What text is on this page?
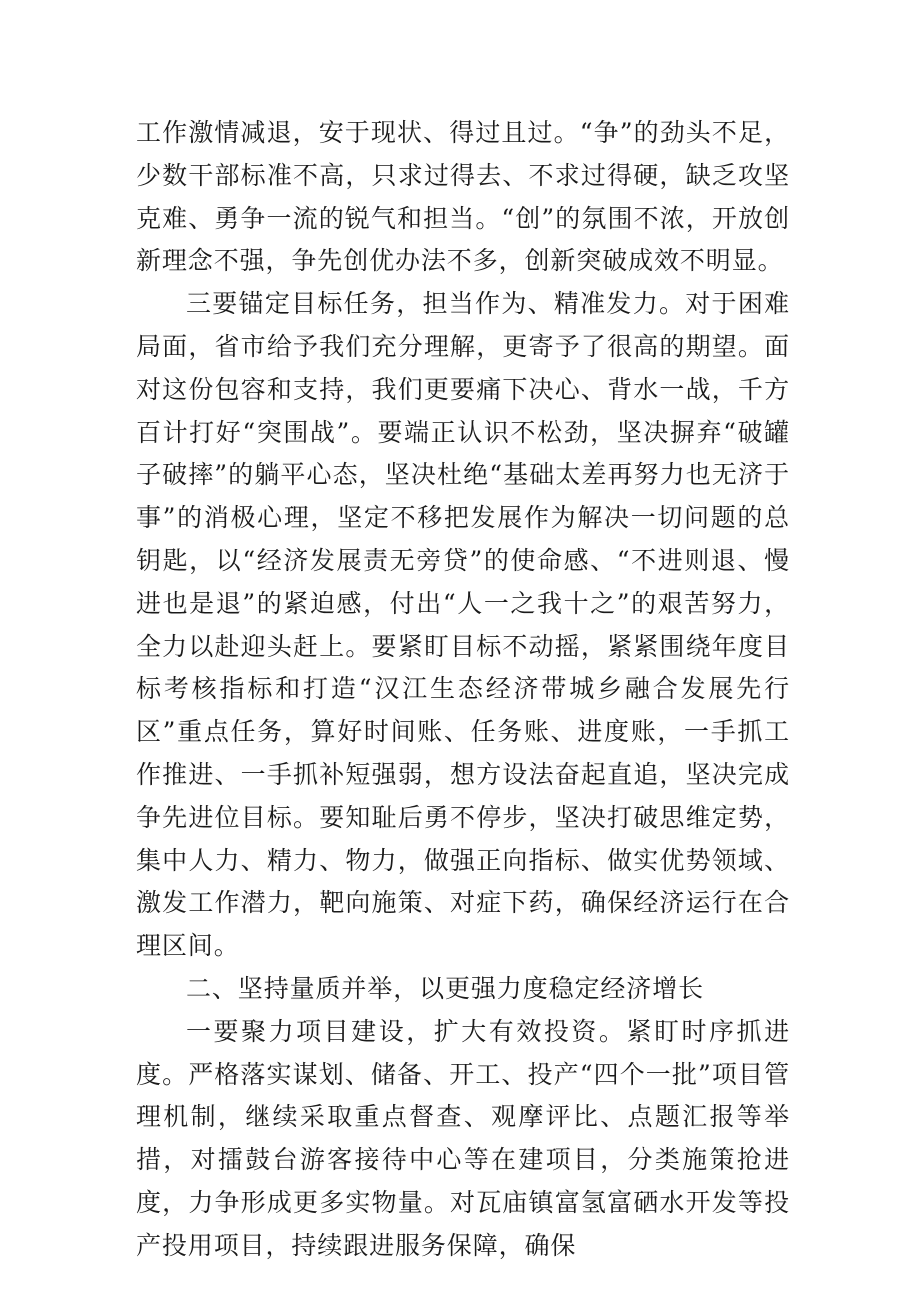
工作激情减退，安于现状、得过且过。“争”的劲头不足，少数干部标准不高，只求过得去、不求过得硬，缺乏攻坚克难、勇争一流的锐气和担当。“创”的氛围不浓，开放创新理念不强，争先创优办法不多，创新突破成效不明显。

三要锚定目标任务，担当作为、精准发力。对于困难局面，省市给予我们充分理解，更寄予了很高的期望。面对这份包容和支持，我们更要痛下决心、背水一战，千方百计打好“突围战”。要端正认识不松劲，坚决摒弃“破罐子破摔”的躺平心态，坚决杜绝“基础太差再努力也无济于事”的消极心理，坚定不移把发展作为解决一切问题的总钥匙，以“经济发展责无旁贷”的使命感、“不进则退、慢进也是退”的紧迫感，付出“人一之我十之”的艰苦努力，全力以赴迎头赶上。要紧盯目标不动摇，紧紧围绕年度目标考核指标和打造“汉江生态经济带城乡融合发展先行区”重点任务，算好时间账、任务账、进度账，一手抓工作推进、一手抓补短强弱，想方设法奋起直追，坚决完成争先进位目标。要知耻后勇不停步，坚决打破思维定势，集中人力、精力、物力，做强正向指标、做实优势领域、激发工作潜力，靶向施策、对症下药，确保经济运行在合理区间。

二、坚持量质并举，以更强力度稳定经济增长

一要聚力项目建设，扩大有效投资。紧盯时序抓进度。严格落实谋划、储备、开工、投产“四个一批”项目管理机制，继续采取重点督查、观摩评比、点题汇报等举措，对擂鼓台游客接待中心等在建项目，分类施策抢进度，力争形成更多实物量。对瓦庙镇富氢富硒水开发等投产投用项目，持续跟进服务保障，确保
